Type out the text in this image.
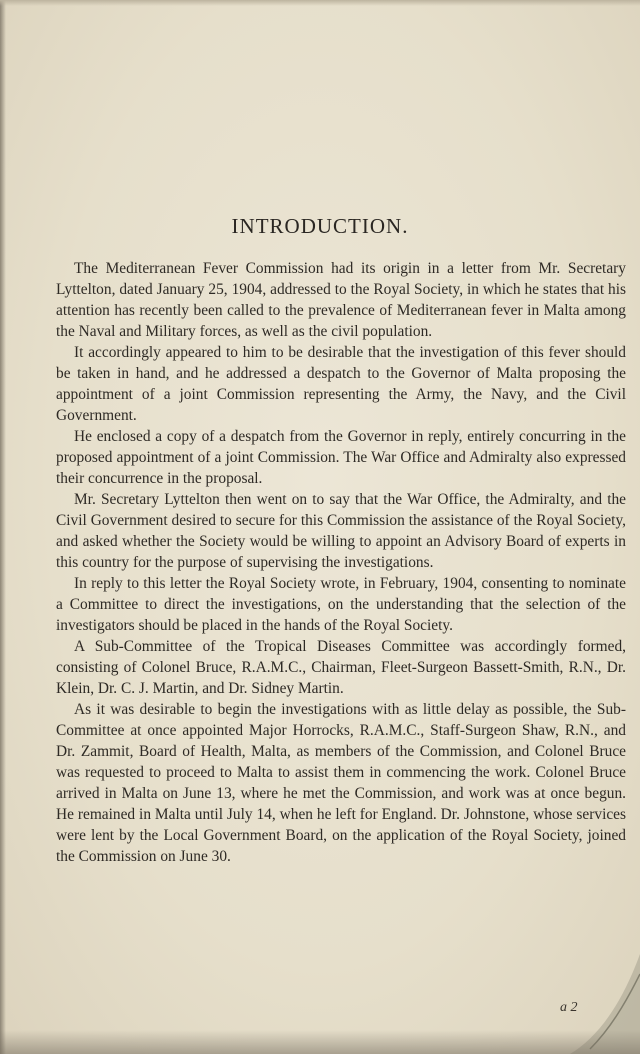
INTRODUCTION.

The Mediterranean Fever Commission had its origin in a letter from Mr. Secretary Lyttelton, dated January 25, 1904, addressed to the Royal Society, in which he states that his attention has recently been called to the prevalence of Mediterranean fever in Malta among the Naval and Military forces, as well as the civil population.

It accordingly appeared to him to be desirable that the investigation of this fever should be taken in hand, and he addressed a despatch to the Governor of Malta proposing the appointment of a joint Commission representing the Army, the Navy, and the Civil Government.

He enclosed a copy of a despatch from the Governor in reply, entirely concurring in the proposed appointment of a joint Commission. The War Office and Admiralty also expressed their concurrence in the proposal.

Mr. Secretary Lyttelton then went on to say that the War Office, the Admiralty, and the Civil Government desired to secure for this Commission the assistance of the Royal Society, and asked whether the Society would be willing to appoint an Advisory Board of experts in this country for the purpose of supervising the investigations.

In reply to this letter the Royal Society wrote, in February, 1904, consenting to nominate a Committee to direct the investigations, on the understanding that the selection of the investigators should be placed in the hands of the Royal Society.

A Sub-Committee of the Tropical Diseases Committee was accordingly formed, consisting of Colonel Bruce, R.A.M.C., Chairman, Fleet-Surgeon Bassett-Smith, R.N., Dr. Klein, Dr. C. J. Martin, and Dr. Sidney Martin.

As it was desirable to begin the investigations with as little delay as possible, the Sub-Committee at once appointed Major Horrocks, R.A.M.C., Staff-Surgeon Shaw, R.N., and Dr. Zammit, Board of Health, Malta, as members of the Commission, and Colonel Bruce was requested to proceed to Malta to assist them in commencing the work. Colonel Bruce arrived in Malta on June 13, where he met the Commission, and work was at once begun. He remained in Malta until July 14, when he left for England. Dr. Johnstone, whose services were lent by the Local Government Board, on the application of the Royal Society, joined the Commission on June 30.

a 2
